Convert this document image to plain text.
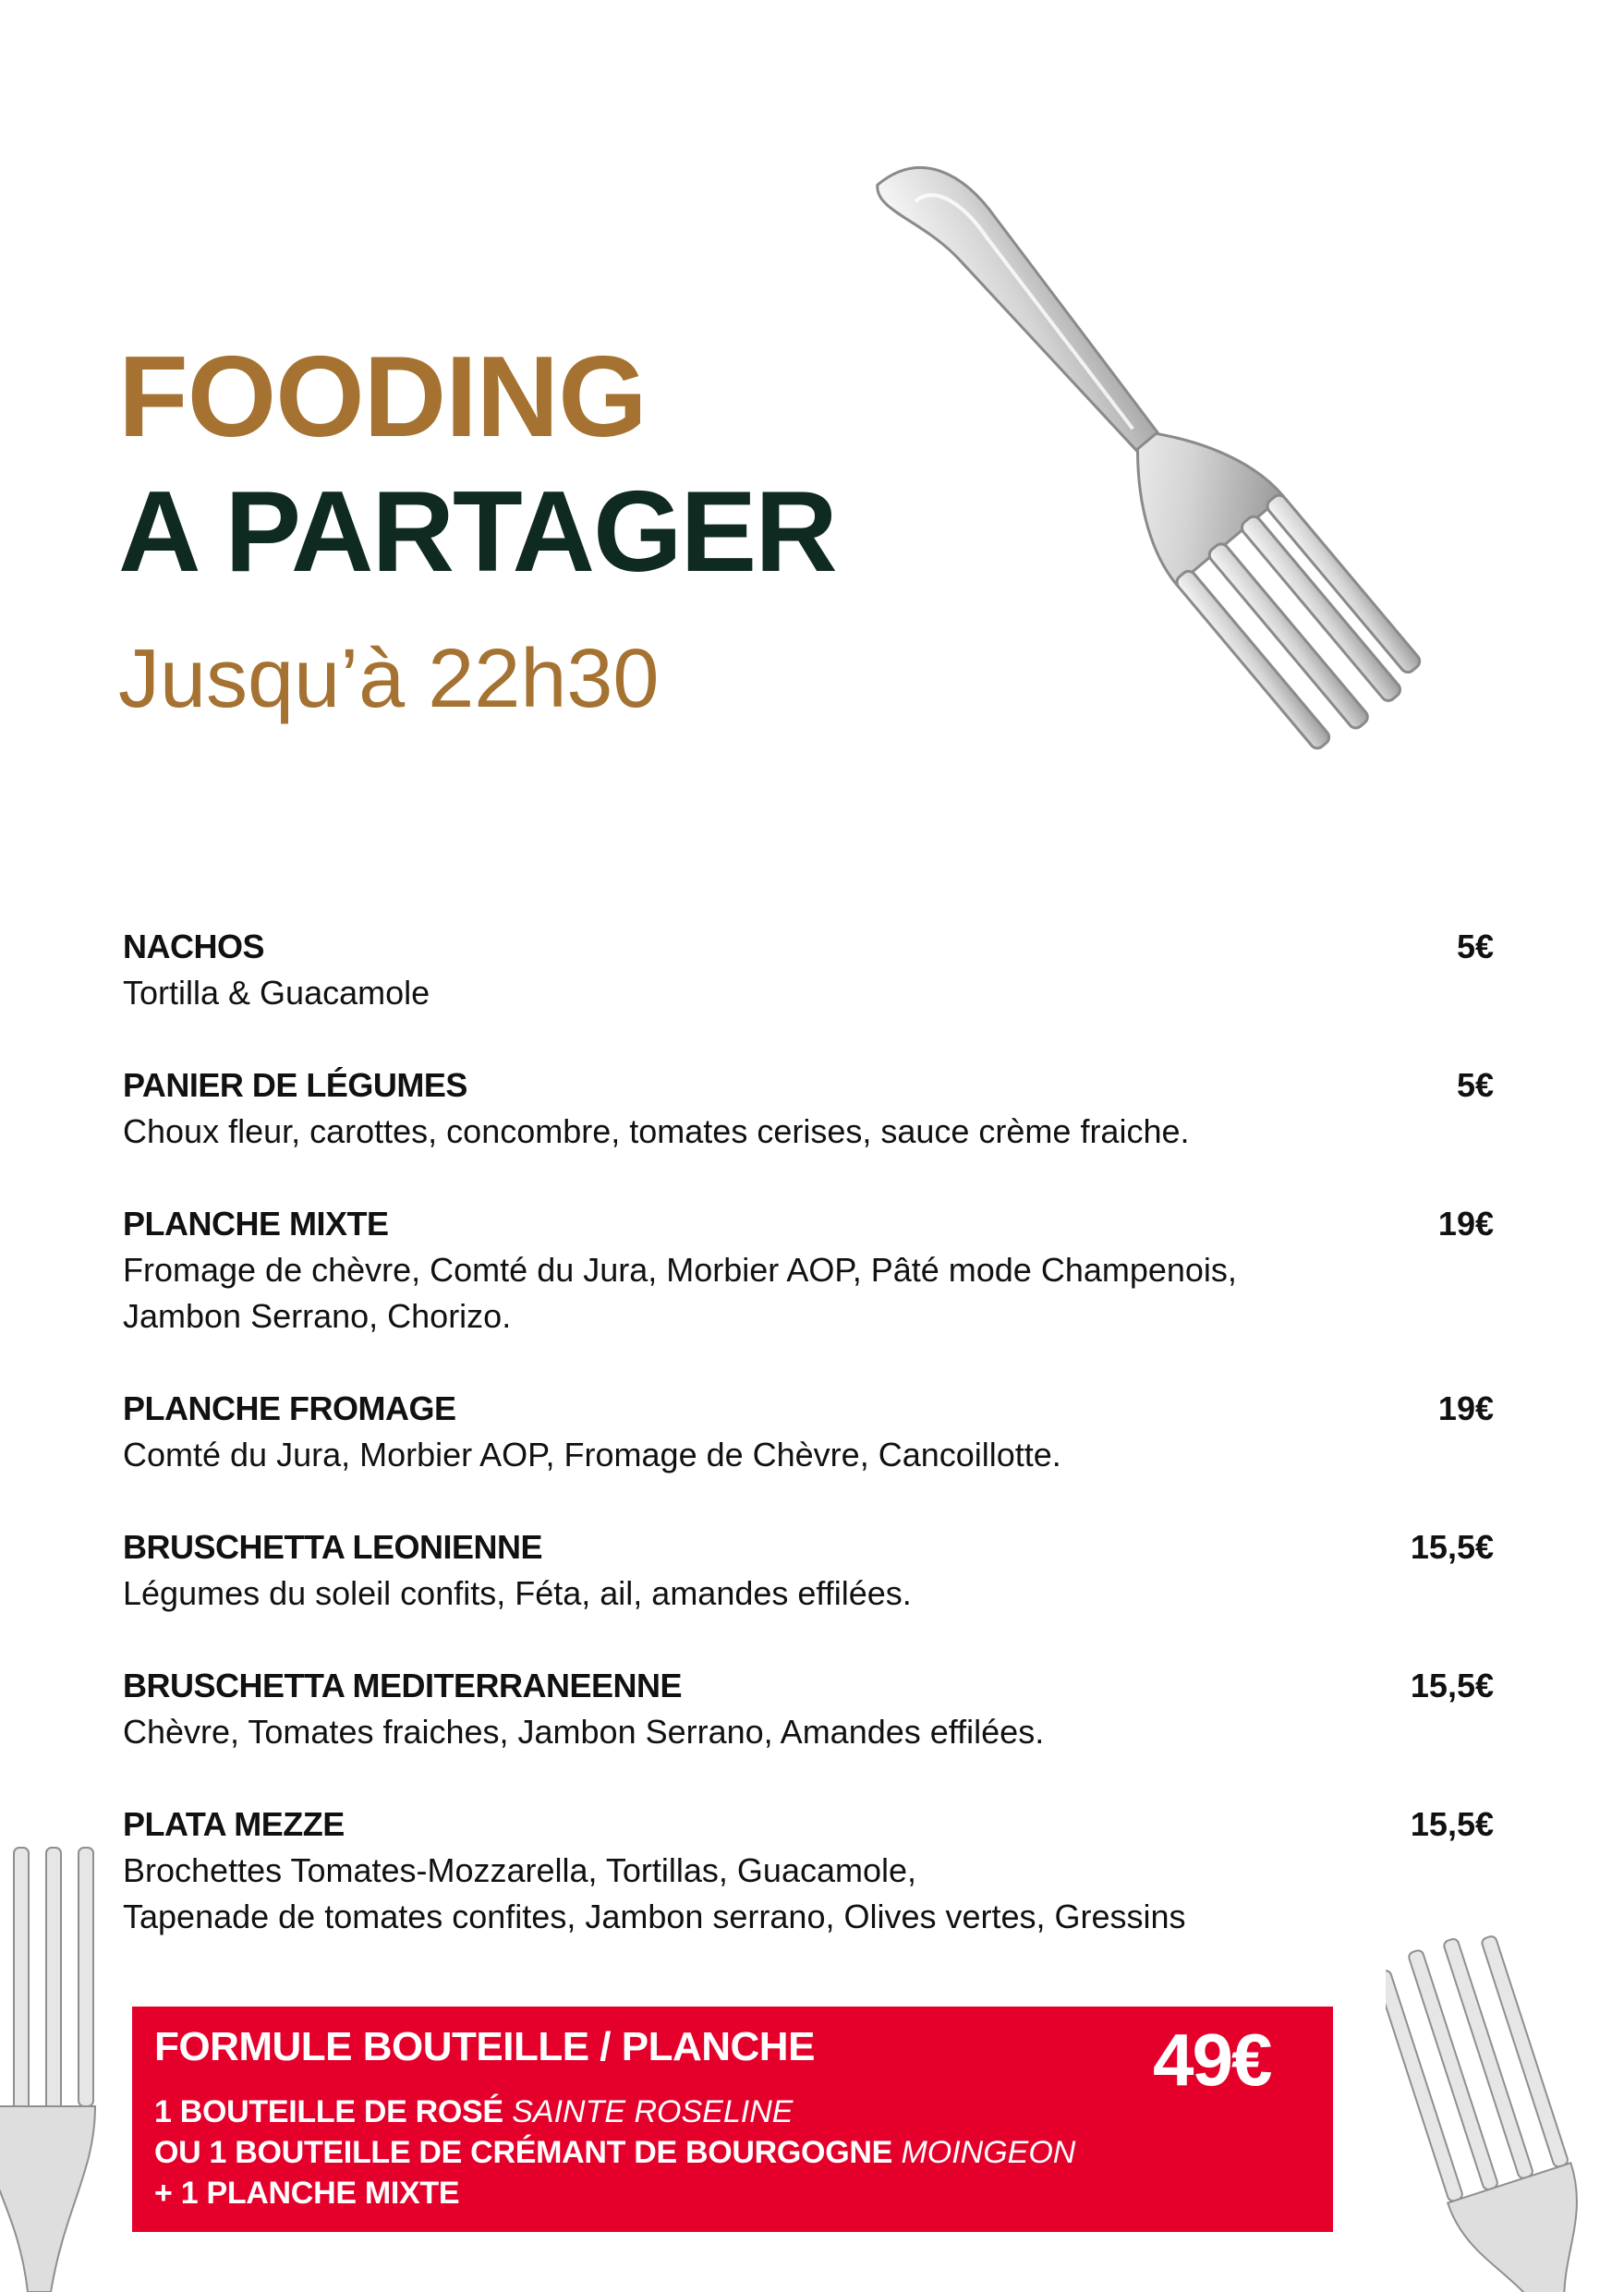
FOODING
A PARTAGER
Jusqu’à 22h30

NACHOS

Tortilla & Guacamole

5€

PANIER DE LÉGUMES

Choux fleur, carottes, concombre, tomates cerises, sauce crème fraiche.

5€

PLANCHE MIXTE

Fromage de chèvre, Comté du Jura, Morbier AOP, Pâté mode Champenois,

Jambon Serrano, Chorizo.

19€

PLANCHE FROMAGE

Comté du Jura, Morbier AOP, Fromage de Chèvre, Cancoillotte.

19€

BRUSCHETTA LEONIENNE

Légumes du soleil confits, Féta, ail, amandes effilées.

15,5€

BRUSCHETTA MEDITERRANEENNE

Chèvre, Tomates fraiches, Jambon Serrano, Amandes effilées.

15,5€

PLATA MEZZE

Brochettes Tomates-Mozzarella, Tortillas, Guacamole,

Tapenade de tomates confites, Jambon serrano, Olives vertes, Gressins

15,5€
FORMULE BOUTEILLE / PLANCHE	49€

1 BOUTEILLE DE ROSÉ SAINTE ROSELINE

OU 1 BOUTEILLE DE CRÉMANT DE BOURGOGNE MOINGEON

+ 1 PLANCHE MIXTE
